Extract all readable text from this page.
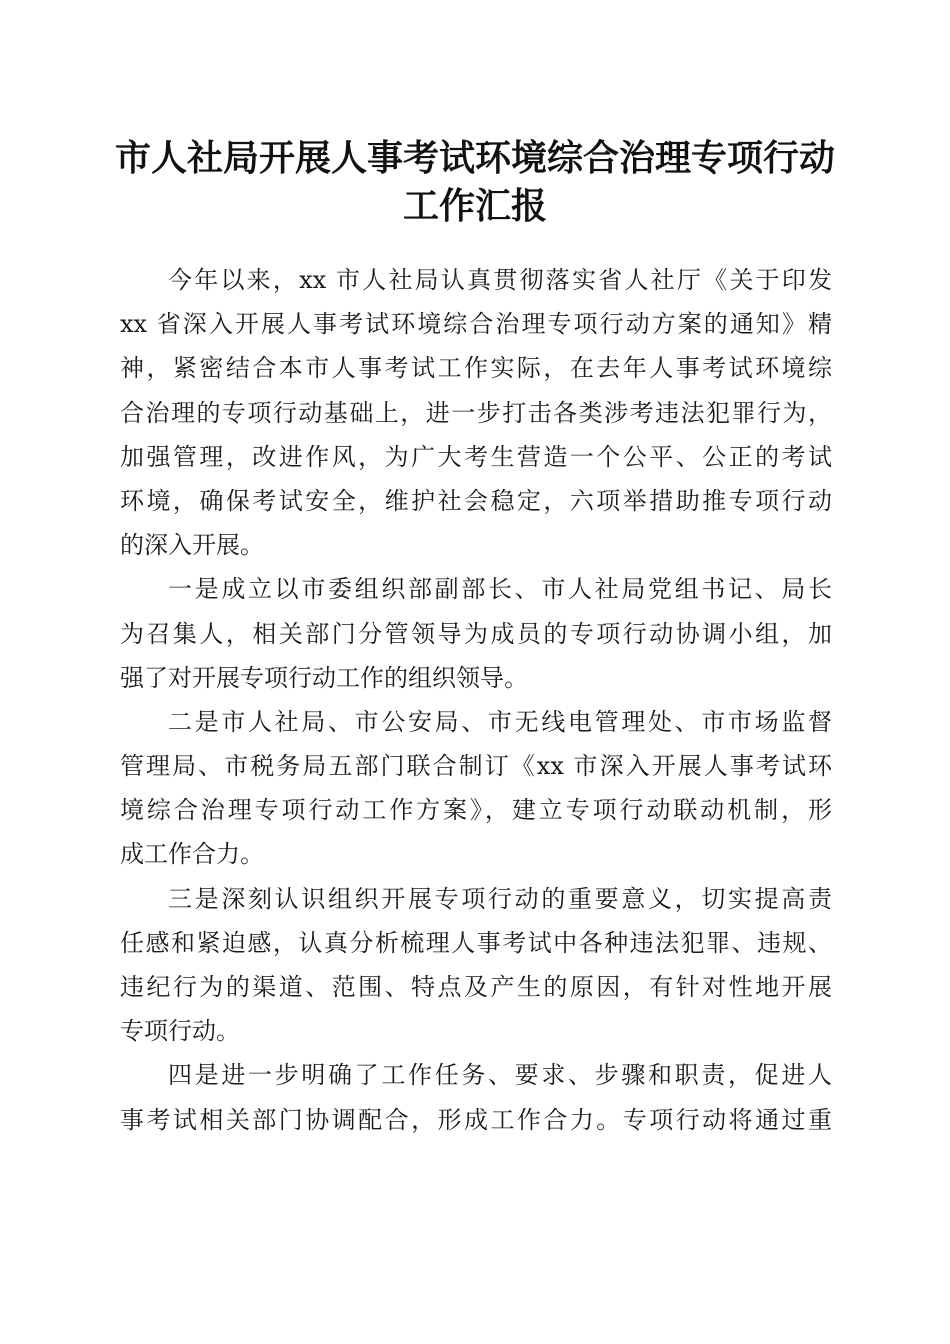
市人社局开展人事考试环境综合治理专项行动
工作汇报
今年以来，xx 市人社局认真贯彻落实省人社厅《关于印发
xx 省深入开展人事考试环境综合治理专项行动方案的通知》精
神，紧密结合本市人事考试工作实际，在去年人事考试环境综
合治理的专项行动基础上，进一步打击各类涉考违法犯罪行为，
加强管理，改进作风，为广大考生营造一个公平、公正的考试
环境，确保考试安全，维护社会稳定，六项举措助推专项行动
的深入开展。
一是成立以市委组织部副部长、市人社局党组书记、局长
为召集人，相关部门分管领导为成员的专项行动协调小组，加
强了对开展专项行动工作的组织领导。
二是市人社局、市公安局、市无线电管理处、市市场监督
管理局、市税务局五部门联合制订《xx 市深入开展人事考试环
境综合治理专项行动工作方案》，建立专项行动联动机制，形
成工作合力。
三是深刻认识组织开展专项行动的重要意义，切实提高责
任感和紧迫感，认真分析梳理人事考试中各种违法犯罪、违规、
违纪行为的渠道、范围、特点及产生的原因，有针对性地开展
专项行动。
四是进一步明确了工作任务、要求、步骤和职责，促进人
事考试相关部门协调配合，形成工作合力。专项行动将通过重
